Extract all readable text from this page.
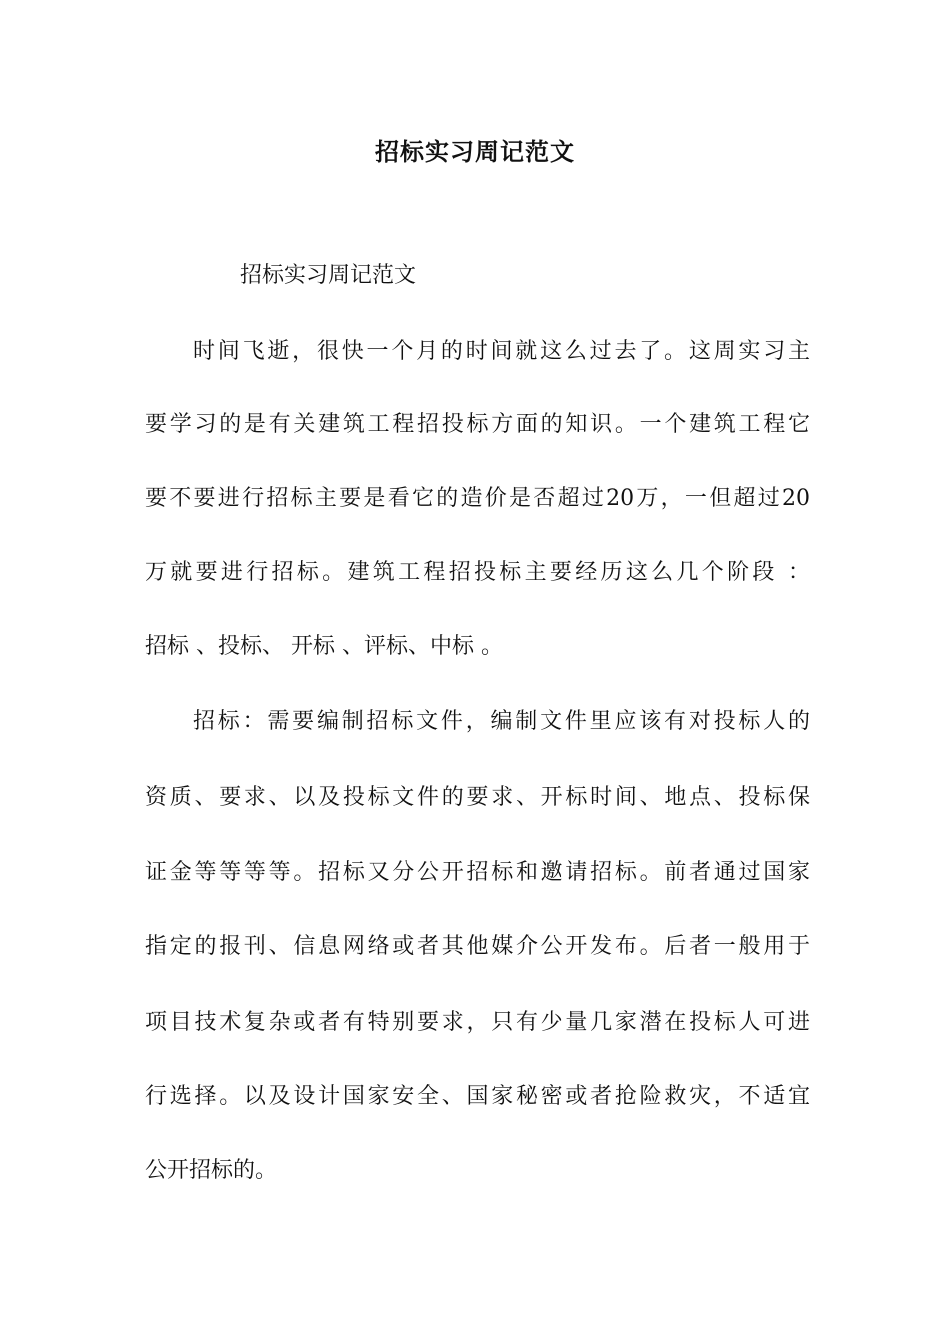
招标实习周记范文
招标实习周记范文
时间飞逝，很快一个月的时间就这么过去了。这周实习主
要学习的是有关建筑工程招投标方面的知识。一个建筑工程它
要不要进行招标主要是看它的造价是否超过20万，一但超过20
万就要进行招标。建筑工程招投标主要经历这么几个阶段 ：
招标 、投标、 开标 、评标、中标 。
招标：需要编制招标文件，编制文件里应该有对投标人的
资质、要求、以及投标文件的要求、开标时间、地点、投标保
证金等等等等。招标又分公开招标和邀请招标。前者通过国家
指定的报刊、信息网络或者其他媒介公开发布。后者一般用于
项目技术复杂或者有特别要求，只有少量几家潜在投标人可进
行选择。以及设计国家安全、国家秘密或者抢险救灾，不适宜
公开招标的。
